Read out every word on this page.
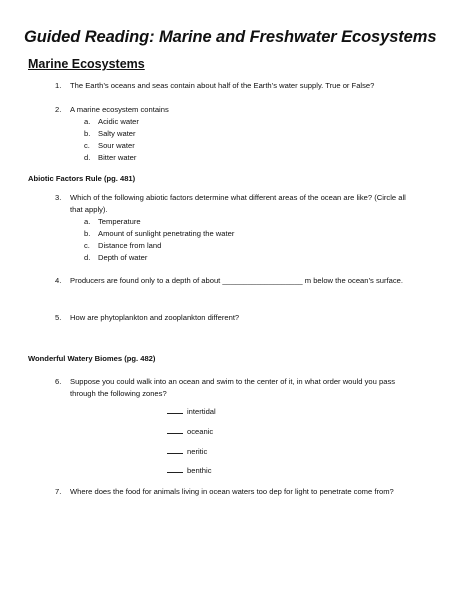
Guided Reading: Marine and Freshwater Ecosystems
Marine Ecosystems
1. The Earth’s oceans and seas contain about half of the Earth’s water supply. True or False?
2. A marine ecosystem contains
a. Acidic water
b. Salty water
c. Sour water
d. Bitter water
Abiotic Factors Rule (pg. 481)
3. Which of the following abiotic factors determine what different areas of the ocean are like? (Circle all that apply).
a. Temperature
b. Amount of sunlight penetrating the water
c. Distance from land
d. Depth of water
4. Producers are found only to a depth of about ___________________ m below the ocean’s surface.
5. How are phytoplankton and zooplankton different?
Wonderful Watery Biomes (pg. 482)
6. Suppose you could walk into an ocean and swim to the center of it, in what order would you pass through the following zones?
intertidal
oceanic
neritic
benthic
7. Where does the food for animals living in ocean waters too dep for light to penetrate come from?
